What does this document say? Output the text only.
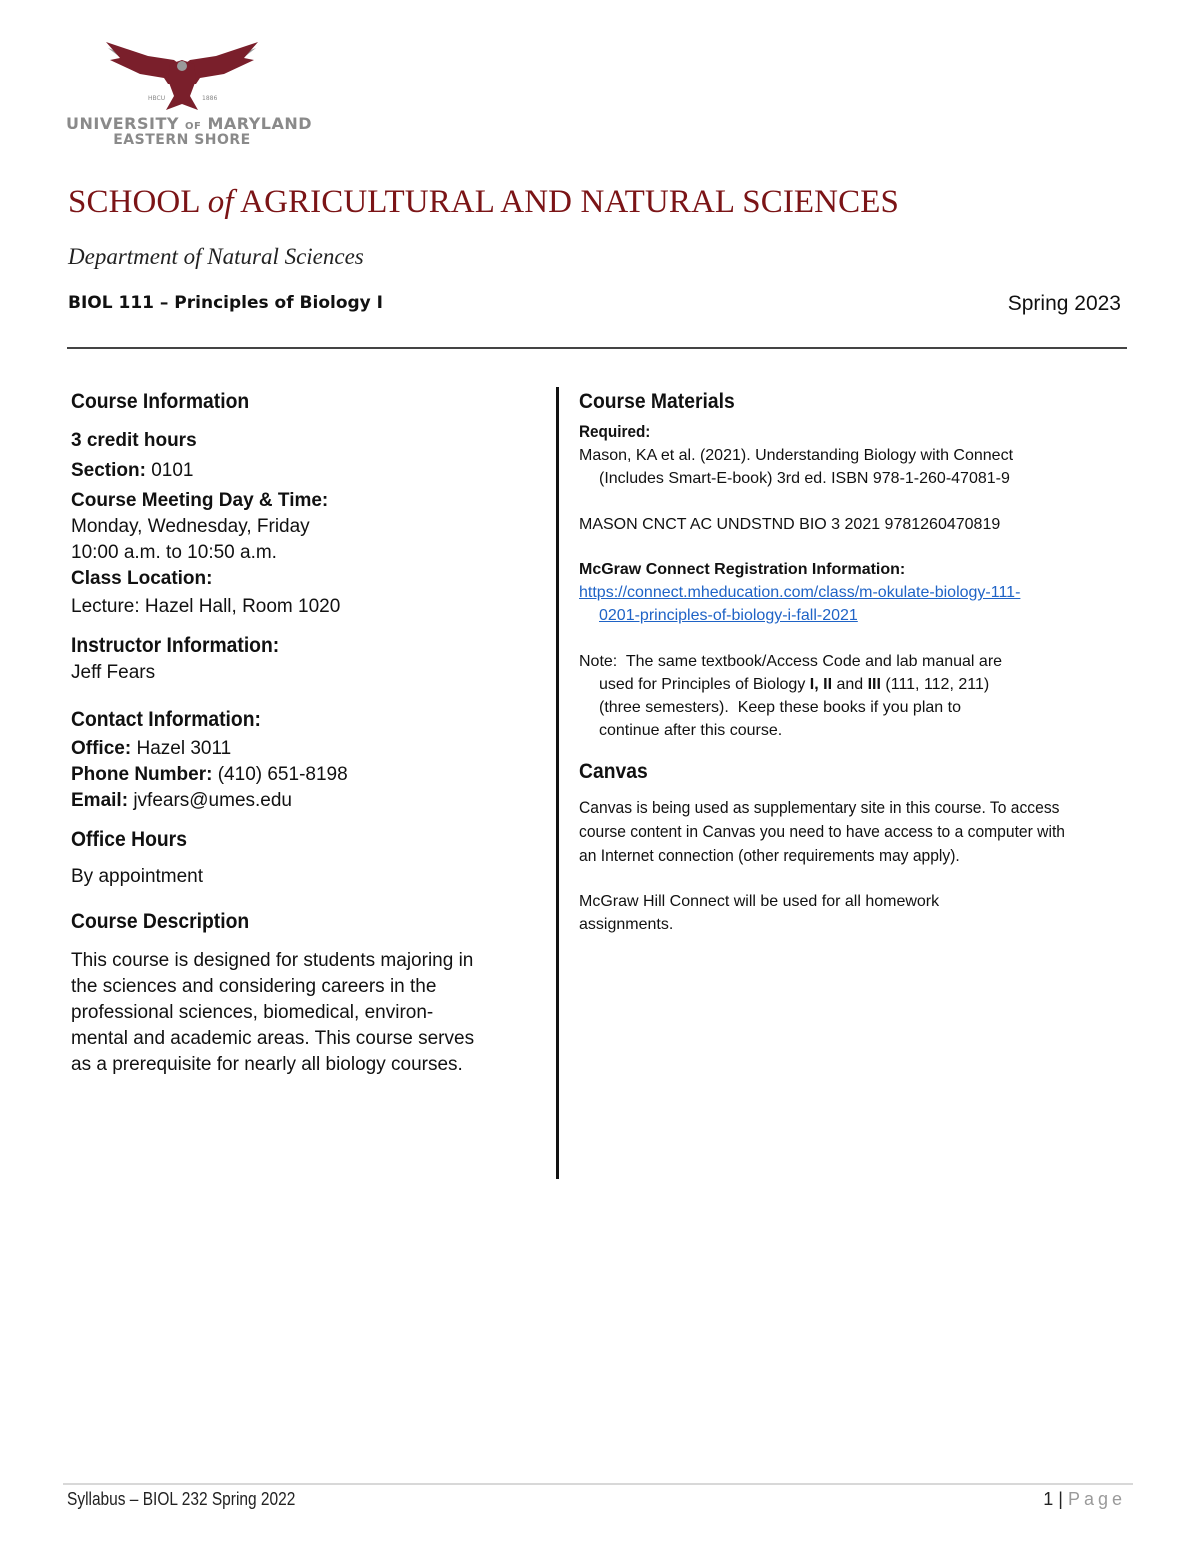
HBCU	1886
UNIVERSITY OF MARYLAND
EASTERN SHORE
SCHOOL of AGRICULTURAL AND NATURAL SCIENCES
Department of Natural Sciences
BIOL 111 – Principles of Biology I	Spring 2023
Course Information
3 credit hours
Section: 0101
Course Meeting Day & Time:
Monday, Wednesday, Friday
10:00 a.m. to 10:50 a.m.
Class Location:
Lecture: Hazel Hall, Room 1020
Instructor Information:
Jeff Fears
Contact Information:
Office: Hazel 3011
Phone Number: (410) 651-8198
Email: jvfears@umes.edu
Office Hours
By appointment
Course Description
This course is designed for students majoring in
the sciences and considering careers in the
professional sciences, biomedical, environ-
mental and academic areas. This course serves
as a prerequisite for nearly all biology courses.
Course Materials
Required:
Mason, KA et al. (2021). Understanding Biology with Connect
(Includes Smart-E-book) 3rd ed. ISBN 978-1-260-47081-9
MASON CNCT AC UNDSTND BIO 3 2021 9781260470819
McGraw Connect Registration Information:
https://connect.mheducation.com/class/m-okulate-biology-111-
0201-principles-of-biology-i-fall-2021
Note:  The same textbook/Access Code and lab manual are
used for Principles of Biology I, II and III (111, 112, 211)
(three semesters).  Keep these books if you plan to
continue after this course.
Canvas
Canvas is being used as supplementary site in this course. To access
course content in Canvas you need to have access to a computer with
an Internet connection (other requirements may apply).
McGraw Hill Connect will be used for all homework
assignments.
Syllabus – BIOL 232 Spring 2022	1 | Page
